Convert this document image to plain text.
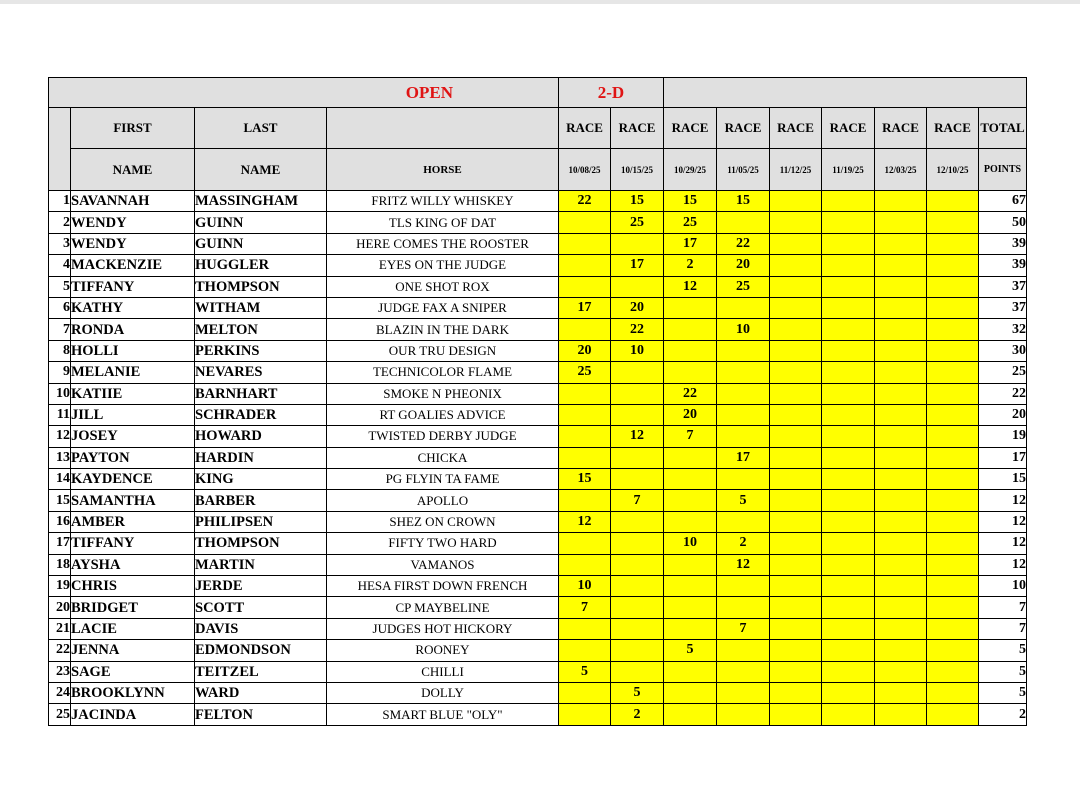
OPEN				2-D								
	FIRST	LAST		RACE	RACE	RACE	RACE	RACE	RACE	RACE	RACE	TOTAL
	NAME	NAME	HORSE	10/08/25	10/15/25	10/29/25	11/05/25	11/12/25	11/19/25	12/03/25	12/10/25	POINTS
1	SAVANNAH	MASSINGHAM	FRITZ WILLY WHISKEY	22	15	15	15					67
2	WENDY	GUINN	TLS KING OF DAT		25	25						50
3	WENDY	GUINN	HERE COMES THE ROOSTER			17	22					39
4	MACKENZIE	HUGGLER	EYES ON THE JUDGE		17	2	20					39
5	TIFFANY	THOMPSON	ONE SHOT ROX			12	25					37
6	KATHY	WITHAM	JUDGE FAX A SNIPER	17	20							37
7	RONDA	MELTON	BLAZIN IN THE DARK		22		10					32
8	HOLLI	PERKINS	OUR TRU DESIGN	20	10							30
9	MELANIE	NEVARES	TECHNICOLOR FLAME	25								25
10	KATIIE	BARNHART	SMOKE N PHEONIX			22						22
11	JILL	SCHRADER	RT GOALIES ADVICE			20						20
12	JOSEY	HOWARD	TWISTED DERBY JUDGE		12	7						19
13	PAYTON	HARDIN	CHICKA				17					17
14	KAYDENCE	KING	PG FLYIN TA FAME	15								15
15	SAMANTHA	BARBER	APOLLO		7		5					12
16	AMBER	PHILIPSEN	SHEZ ON CROWN	12								12
17	TIFFANY	THOMPSON	FIFTY TWO HARD			10	2					12
18	AYSHA	MARTIN	VAMANOS				12					12
19	CHRIS	JERDE	HESA FIRST DOWN FRENCH	10								10
20	BRIDGET	SCOTT	CP MAYBELINE	7								7
21	LACIE	DAVIS	JUDGES HOT HICKORY				7					7
22	JENNA	EDMONDSON	ROONEY			5						5
23	SAGE	TEITZEL	CHILLI	5								5
24	BROOKLYNN	WARD	DOLLY		5							5
25	JACINDA	FELTON	SMART BLUE "OLY"		2							2
